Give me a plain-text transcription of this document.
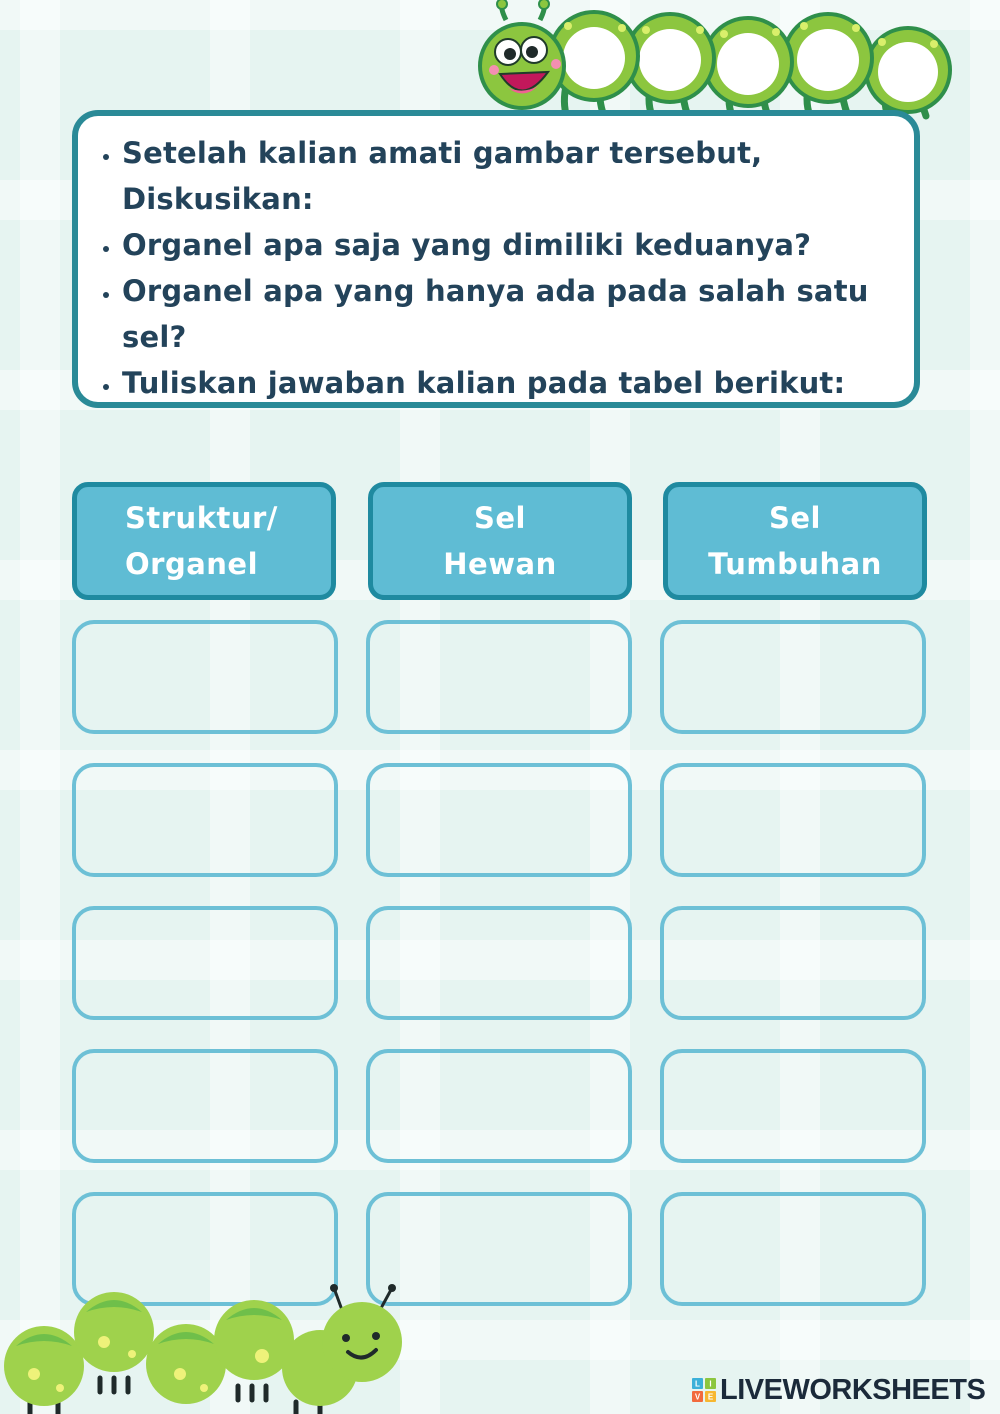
• Setelah kalian amati gambar tersebut, Diskusikan:
• Organel apa saja yang dimiliki keduanya?
• Organel apa yang hanya ada pada salah satu sel?
• Tuliskan jawaban kalian pada tabel berikut:
Struktur/
Organel
Sel
Hewan
Sel
Tumbuhan
L I
V E LIVEWORKSHEETS
